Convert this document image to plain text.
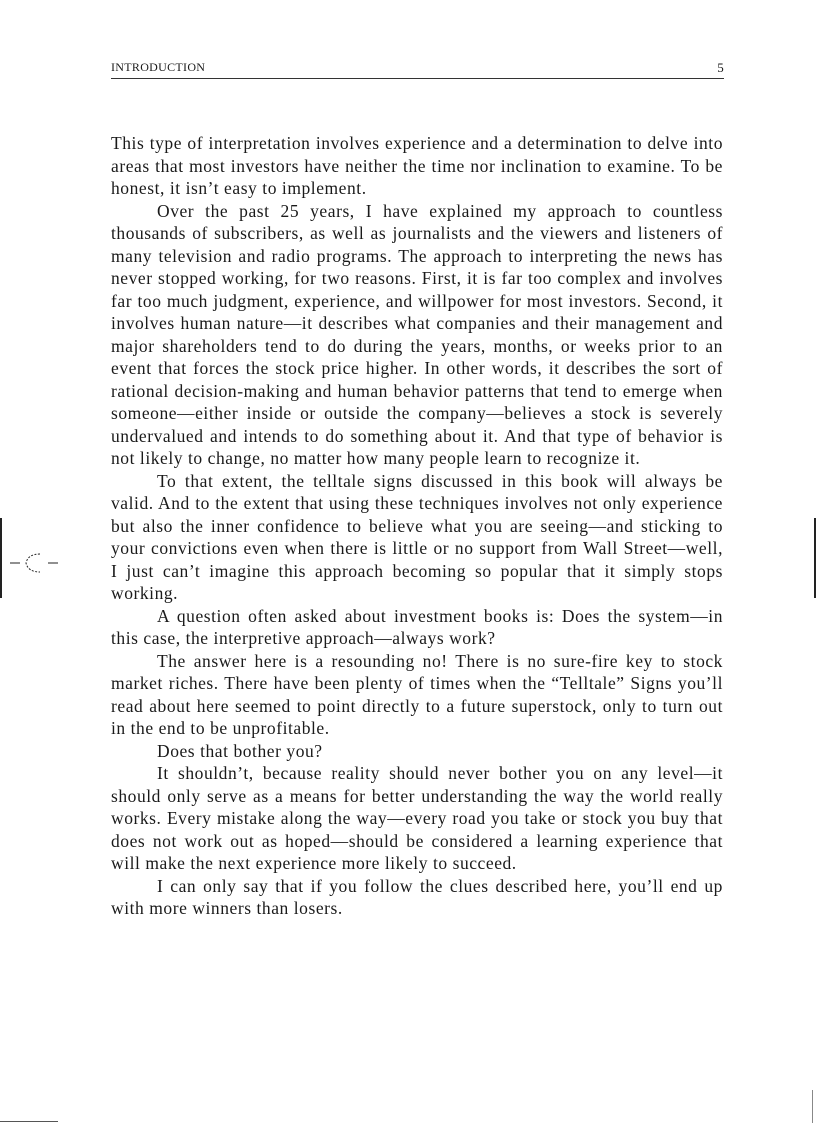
INTRODUCTION	5

This type of interpretation involves experience and a determination to delve into areas that most investors have neither the time nor inclination to examine. To be honest, it isn’t easy to implement.

Over the past 25 years, I have explained my approach to countless thousands of subscribers, as well as journalists and the viewers and listeners of many television and radio programs. The approach to interpreting the news has never stopped working, for two reasons. First, it is far too complex and involves far too much judgment, experience, and willpower for most investors. Second, it involves human nature—it describes what companies and their management and major shareholders tend to do during the years, months, or weeks prior to an event that forces the stock price higher. In other words, it describes the sort of rational decision-making and human behavior patterns that tend to emerge when someone—either inside or outside the company—believes a stock is severely undervalued and intends to do something about it. And that type of behavior is not likely to change, no matter how many people learn to recognize it.

To that extent, the telltale signs discussed in this book will always be valid. And to the extent that using these techniques involves not only experience but also the inner confidence to believe what you are seeing—and sticking to your convictions even when there is little or no support from Wall Street—well, I just can’t imagine this approach becoming so popular that it simply stops working.

A question often asked about investment books is: Does the system—in this case, the interpretive approach—always work?

The answer here is a resounding no! There is no sure-fire key to stock market riches. There have been plenty of times when the “Telltale” Signs you’ll read about here seemed to point directly to a future superstock, only to turn out in the end to be unprofitable.

Does that bother you?

It shouldn’t, because reality should never bother you on any level—it should only serve as a means for better understanding the way the world really works. Every mistake along the way—every road you take or stock you buy that does not work out as hoped—should be considered a learning experience that will make the next experience more likely to succeed.

I can only say that if you follow the clues described here, you’ll end up with more winners than losers.
